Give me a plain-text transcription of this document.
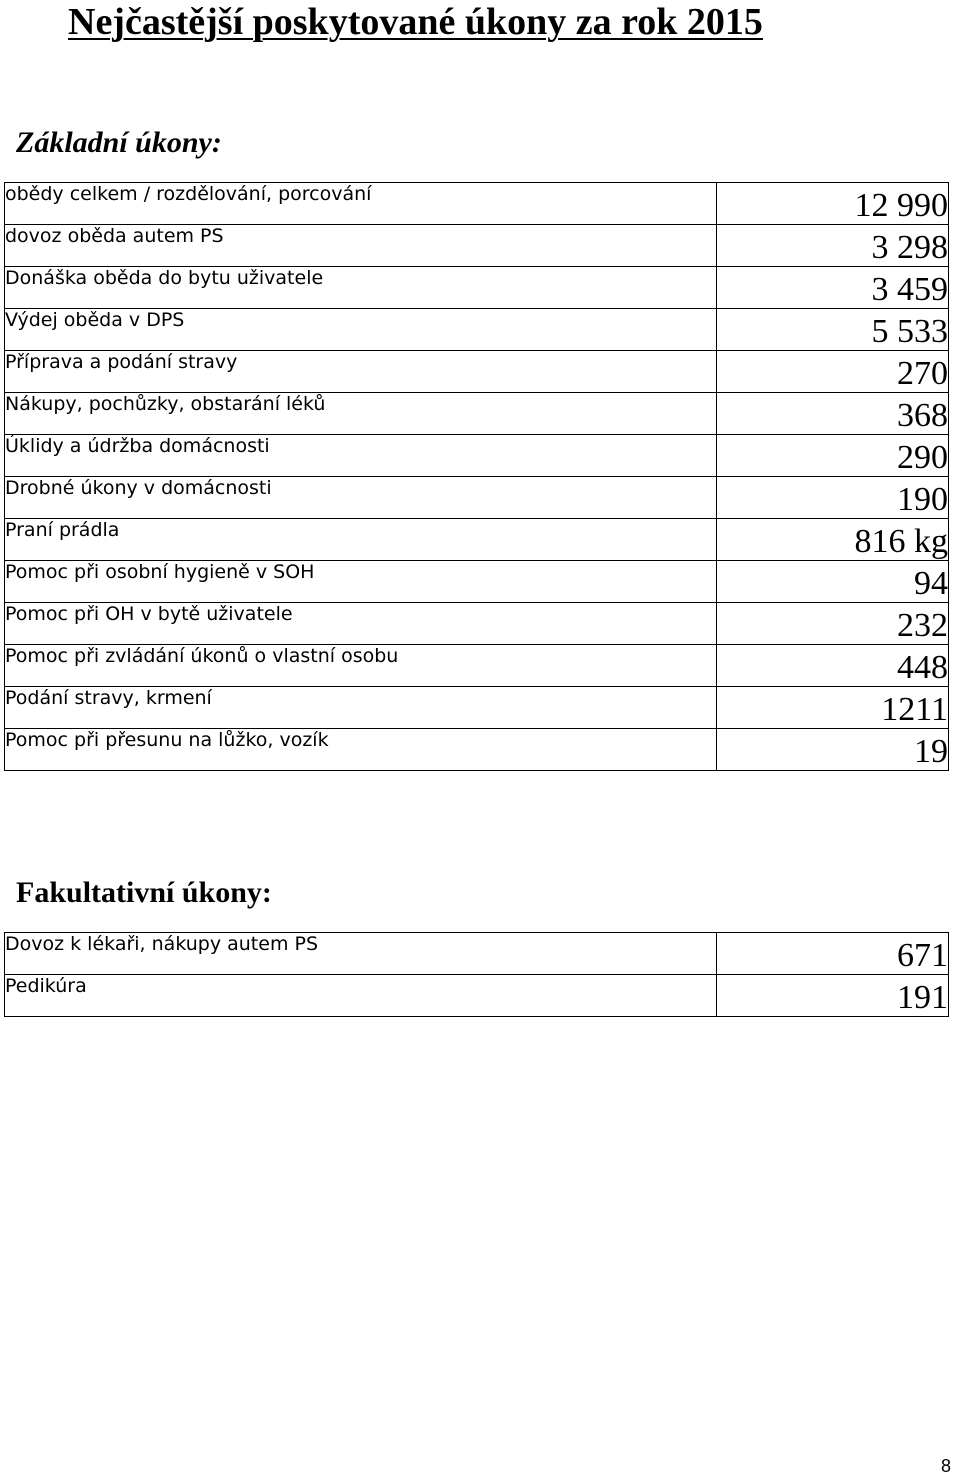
Nejčastější poskytované úkony za rok 2015
Základní úkony:
obědy celkem / rozdělování, porcování	12 990
dovoz oběda autem PS	3 298
Donáška oběda do bytu uživatele	3 459
Výdej oběda v DPS	5 533
Příprava a podání stravy	270
Nákupy, pochůzky, obstarání léků	368
Úklidy a údržba domácnosti	290
Drobné úkony v domácnosti	190
Praní prádla	816 kg
Pomoc při osobní hygieně v SOH	94
Pomoc při OH v bytě uživatele	232
Pomoc při zvládání úkonů o vlastní osobu	448
Podání stravy, krmení	1211
Pomoc při přesunu na lůžko, vozík	19
Fakultativní úkony:
Dovoz k lékaři, nákupy autem PS	671
Pedikúra	191
8
